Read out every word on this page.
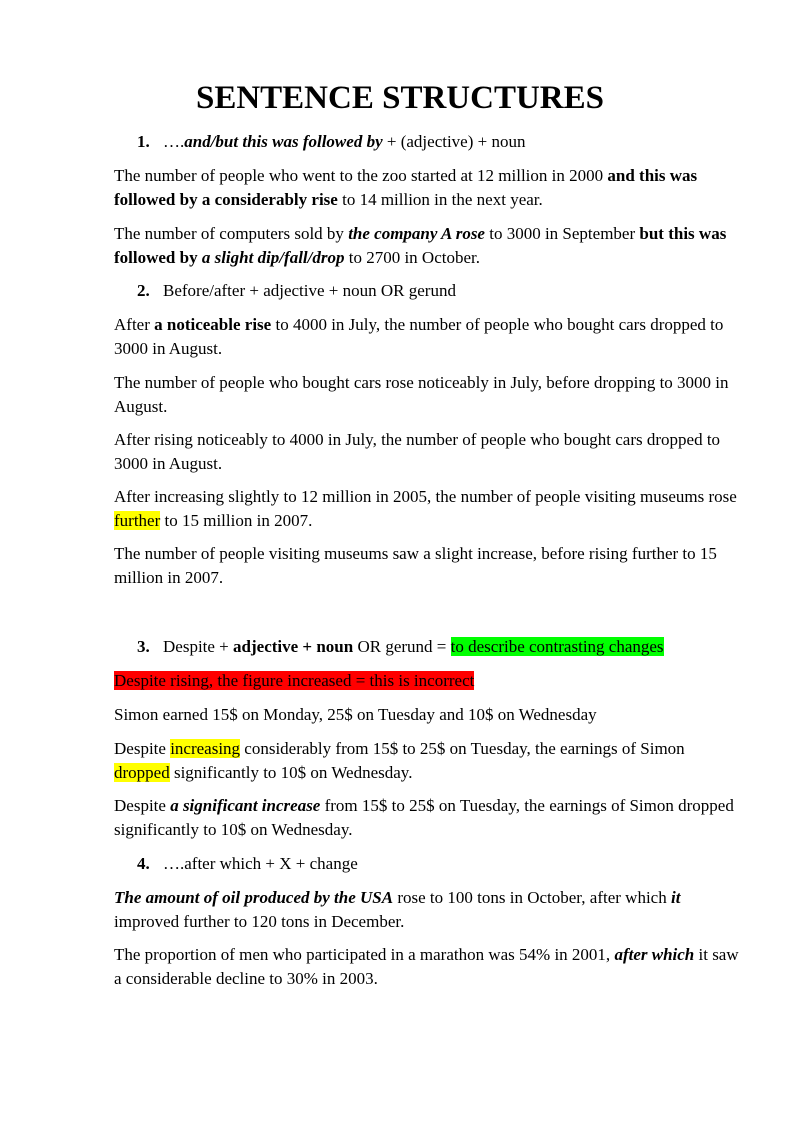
SENTENCE STRUCTURES
1. ….and/but this was followed by + (adjective) + noun

The number of people who went to the zoo started at 12 million in 2000 and this was followed by a considerably rise to 14 million in the next year.

The number of computers sold by the company A rose to 3000 in September but this was followed by a slight dip/fall/drop to 2700 in October.

2. Before/after + adjective + noun OR gerund

After a noticeable rise to 4000 in July, the number of people who bought cars dropped to 3000 in August.

The number of people who bought cars rose noticeably in July, before dropping to 3000 in August.

After rising noticeably to 4000 in July, the number of people who bought cars dropped to 3000 in August.

After increasing slightly to 12 million in 2005, the number of people visiting museums rose further to 15 million in 2007.

The number of people visiting museums saw a slight increase, before rising further to 15 million in 2007.

3. Despite + adjective + noun OR gerund = to describe contrasting changes

Despite rising, the figure increased = this is incorrect

Simon earned 15$ on Monday, 25$ on Tuesday and 10$ on Wednesday

Despite increasing considerably from 15$ to 25$ on Tuesday, the earnings of Simon dropped significantly to 10$ on Wednesday.

Despite a significant increase from 15$ to 25$ on Tuesday, the earnings of Simon dropped significantly to 10$ on Wednesday.

4. ….after which + X + change

The amount of oil produced by the USA rose to 100 tons in October, after which it improved further to 120 tons in December.

The proportion of men who participated in a marathon was 54% in 2001, after which it saw a considerable decline to 30% in 2003.
